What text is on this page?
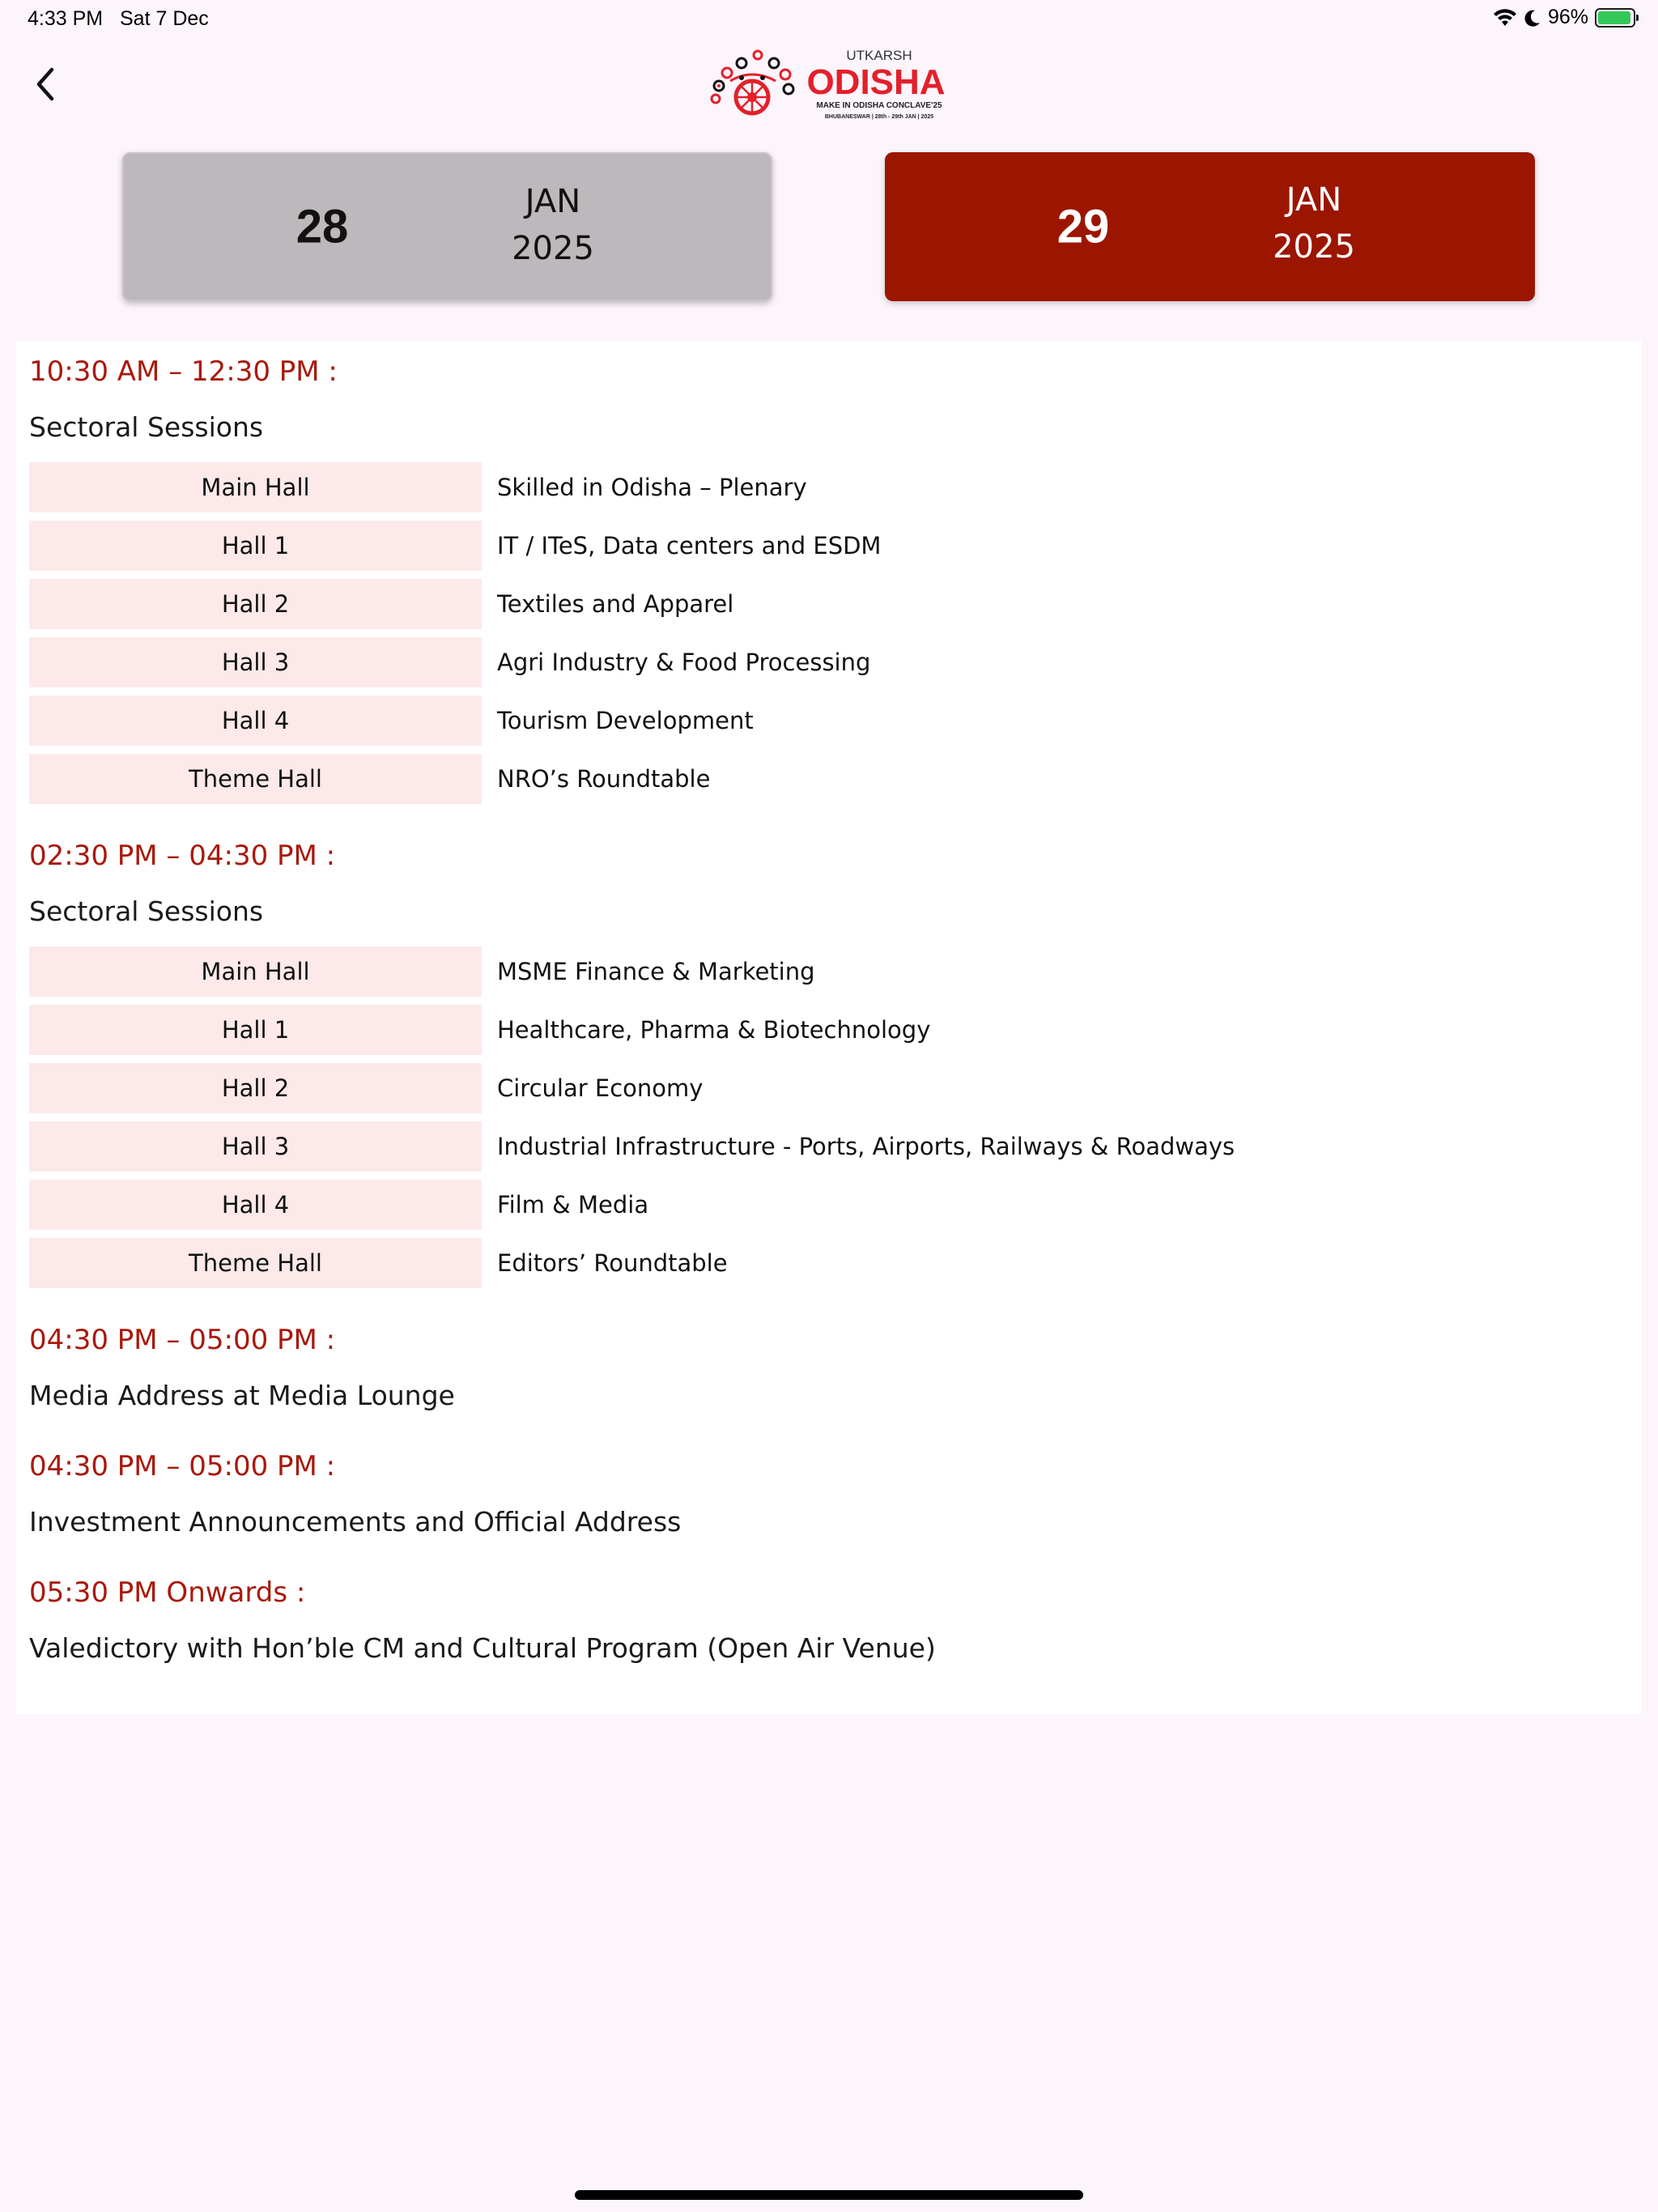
4:33 PM Sat 7 Dec	96%
UTKARSH
ODISHA
MAKE IN ODISHA CONCLAVE'25
BHUBANESWAR | 28th - 29th JAN | 2025
28	JAN
2025	29
JAN
2025
10:30 AM – 12:30 PM :
Sectoral Sessions
Main Hall	Skilled in Odisha – Plenary
Hall 1	IT / ITeS, Data centers and ESDM
Hall 2	Textiles and Apparel
Hall 3	Agri Industry & Food Processing
Hall 4	Tourism Development
Theme Hall	NRO’s Roundtable
02:30 PM – 04:30 PM :
Sectoral Sessions
Main Hall	MSME Finance & Marketing
Hall 1	Healthcare, Pharma & Biotechnology
Hall 2	Circular Economy
Hall 3	Industrial Infrastructure - Ports, Airports, Railways & Roadways
Hall 4	Film & Media
Theme Hall	Editors’ Roundtable
04:30 PM – 05:00 PM :
Media Address at Media Lounge
04:30 PM – 05:00 PM :
Investment Announcements and Official Address
05:30 PM Onwards :
Valedictory with Hon’ble CM and Cultural Program (Open Air Venue)
